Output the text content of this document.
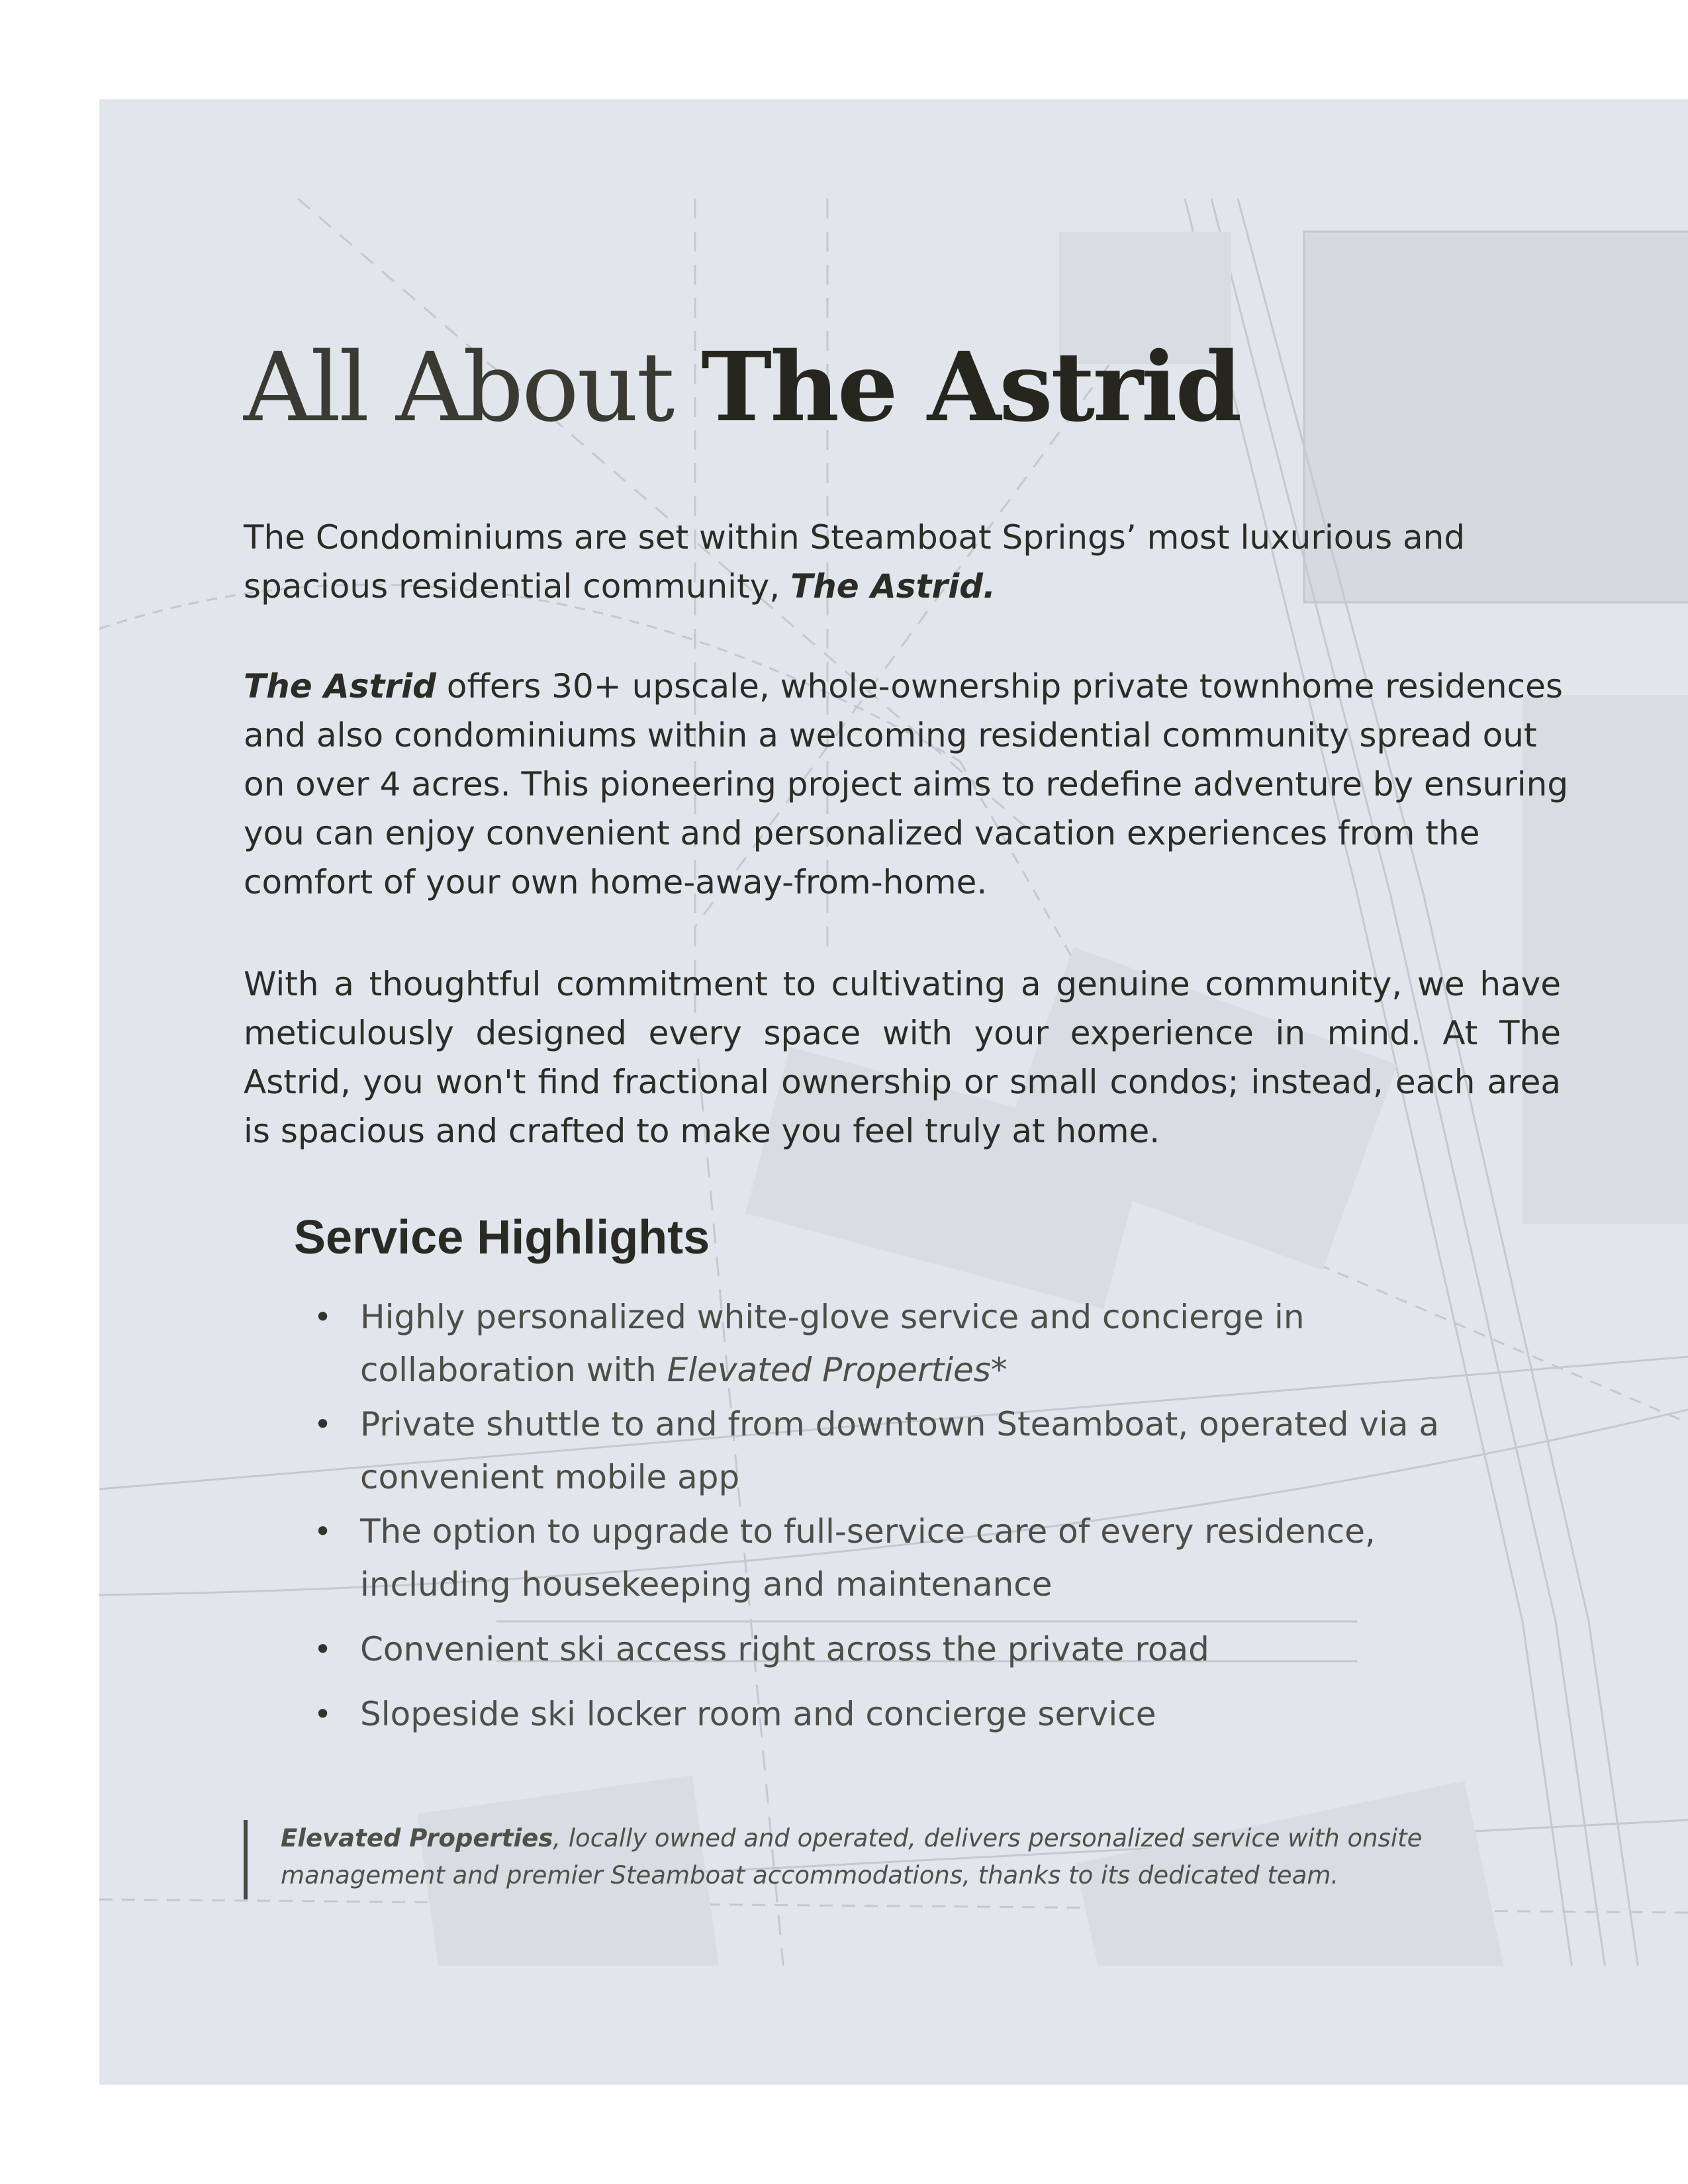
All About The Astrid

The Condominiums are set within Steamboat Springs’ most luxurious and spacious residential community, The Astrid.

The Astrid offers 30+ upscale, whole-ownership private townhome residences and also condominiums within a welcoming residential community spread out on over 4 acres. This pioneering project aims to redefine adventure by ensuring you can enjoy convenient and personalized vacation experiences from the comfort of your own home-away-from-home.

With a thoughtful commitment to cultivating a genuine community, we have meticulously designed every space with your experience in mind. At The Astrid, you won't find fractional ownership or small condos; instead, each area is spacious and crafted to make you feel truly at home.

Service Highlights
• Highly personalized white-glove service and concierge in collaboration with Elevated Properties*
• Private shuttle to and from downtown Steamboat, operated via a convenient mobile app
• The option to upgrade to full-service care of every residence, including housekeeping and maintenance
• Convenient ski access right across the private road
• Slopeside ski locker room and concierge service

Elevated Properties, locally owned and operated, delivers personalized service with onsite management and premier Steamboat accommodations, thanks to its dedicated team.
